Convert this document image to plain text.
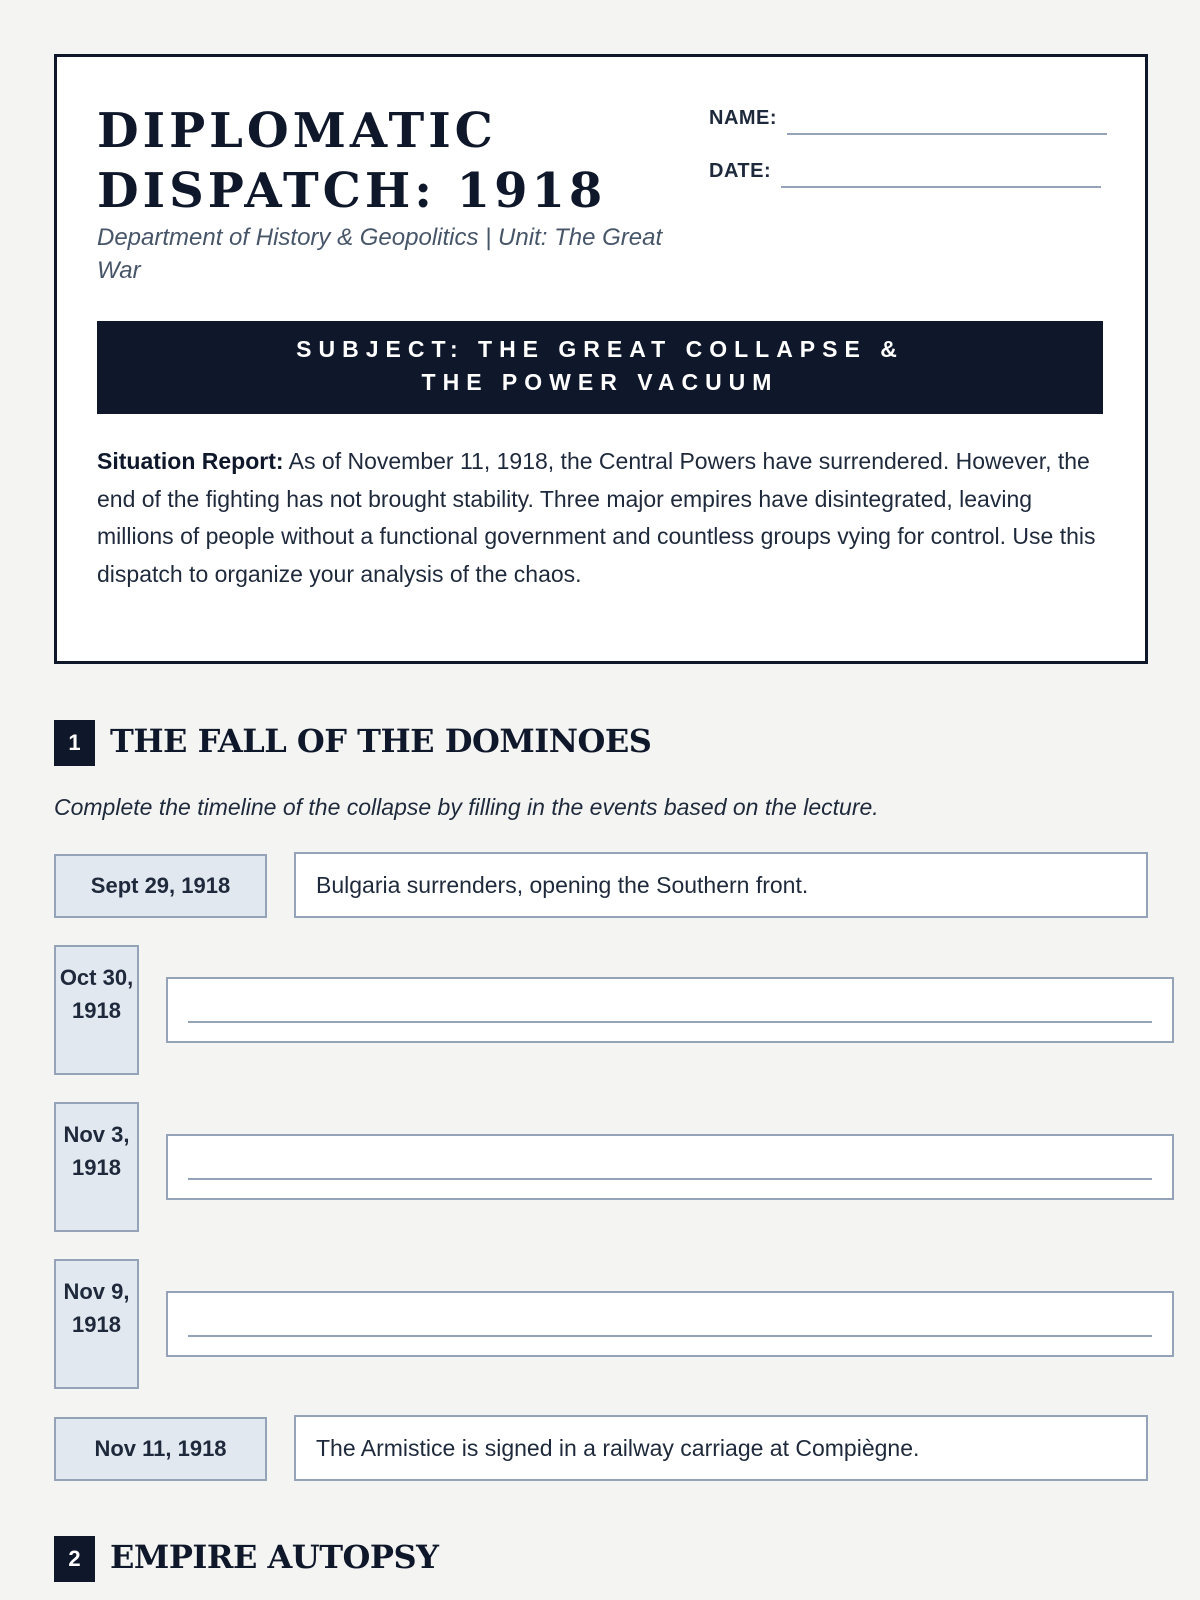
DIPLOMATIC DISPATCH: 1918
Department of History & Geopolitics | Unit: The Great War
NAME:
DATE:
SUBJECT: THE GREAT COLLAPSE & THE POWER VACUUM

Situation Report: As of November 11, 1918, the Central Powers have surrendered. However, the end of the fighting has not brought stability. Three major empires have disintegrated, leaving millions of people without a functional government and countless groups vying for control. Use this dispatch to organize your analysis of the chaos.

1 THE FALL OF THE DOMINOES

Complete the timeline of the collapse by filling in the events based on the lecture.

Sept 29, 1918	Bulgaria surrenders, opening the Southern front.
Oct 30, 1918
Nov 3, 1918
Nov 9, 1918
Nov 11, 1918	The Armistice is signed in a railway carriage at Compiègne.
2 EMPIRE AUTOPSY
